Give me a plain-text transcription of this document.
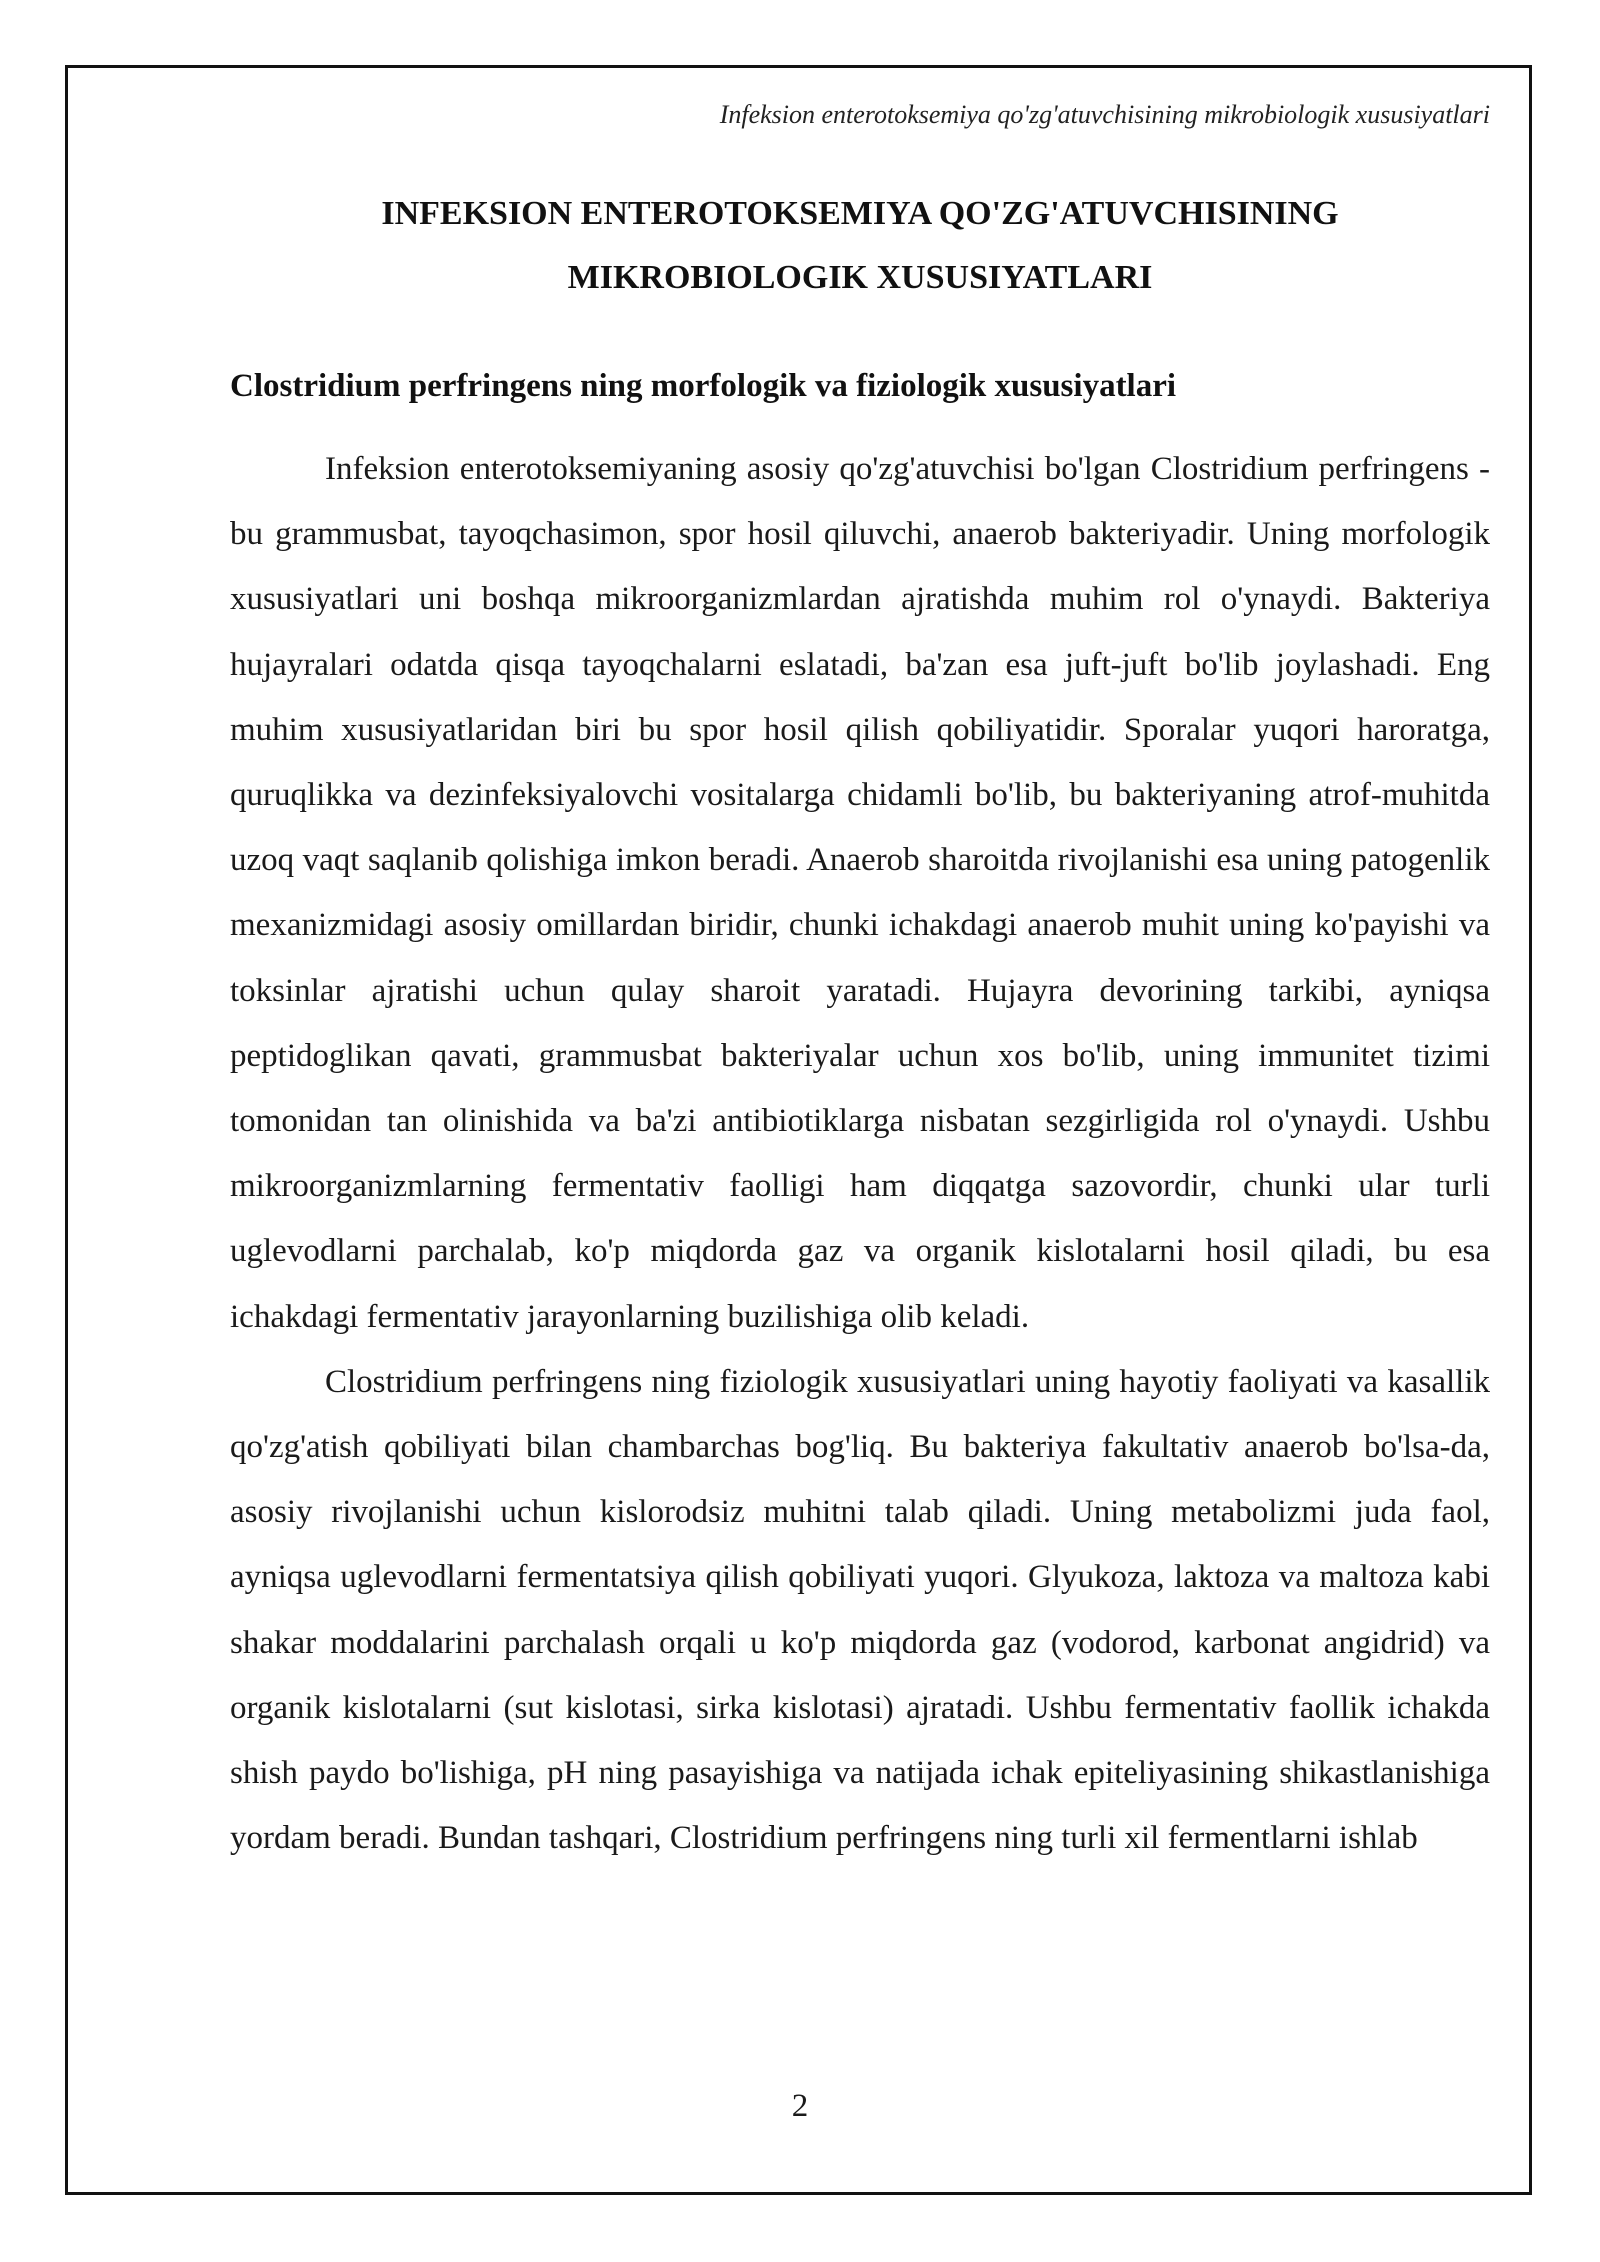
Infeksion enterotoksemiya qo'zg'atuvchisining mikrobiologik xususiyatlari
INFEKSION ENTEROTOKSEMIYA QO'ZG'ATUVCHISINING
MIKROBIOLOGIK XUSUSIYATLARI
Clostridium perfringens ning morfologik va fiziologik xususiyatlari

Infeksion enterotoksemiyaning asosiy qo'zg'atuvchisi bo'lgan Clostridium perfringens - bu grammusbat, tayoqchasimon, spor hosil qiluvchi, anaerob bakteriyadir. Uning morfologik xususiyatlari uni boshqa mikroorganizmlardan ajratishda muhim rol o'ynaydi. Bakteriya hujayralari odatda qisqa tayoqchalarni eslatadi, ba'zan esa juft-juft bo'lib joylashadi. Eng muhim xususiyatlaridan biri bu spor hosil qilish qobiliyatidir. Sporalar yuqori haroratga, quruqlikka va dezinfeksiyalovchi vositalarga chidamli bo'lib, bu bakteriyaning atrof-muhitda uzoq vaqt saqlanib qolishiga imkon beradi. Anaerob sharoitda rivojlanishi esa uning patogenlik mexanizmidagi asosiy omillardan biridir, chunki ichakdagi anaerob muhit uning ko'payishi va toksinlar ajratishi uchun qulay sharoit yaratadi. Hujayra devorining tarkibi, ayniqsa peptidoglikan qavati, grammusbat bakteriyalar uchun xos bo'lib, uning immunitet tizimi tomonidan tan olinishida va ba'zi antibiotiklarga nisbatan sezgirligida rol o'ynaydi. Ushbu mikroorganizmlarning fermentativ faolligi ham diqqatga sazovordir, chunki ular turli uglevodlarni parchalab, ko'p miqdorda gaz va organik kislotalarni hosil qiladi, bu esa ichakdagi fermentativ jarayonlarning buzilishiga olib keladi.

Clostridium perfringens ning fiziologik xususiyatlari uning hayotiy faoliyati va kasallik qo'zg'atish qobiliyati bilan chambarchas bog'liq. Bu bakteriya fakultativ anaerob bo'lsa-da, asosiy rivojlanishi uchun kislorodsiz muhitni talab qiladi. Uning metabolizmi juda faol, ayniqsa uglevodlarni fermentatsiya qilish qobiliyati yuqori. Glyukoza, laktoza va maltoza kabi shakar moddalarini parchalash orqali u ko'p miqdorda gaz (vodorod, karbonat angidrid) va organik kislotalarni (sut kislotasi, sirka kislotasi) ajratadi. Ushbu fermentativ faollik ichakda shish paydo bo'lishiga, pH ning pasayishiga va natijada ichak epiteliyasining shikastlanishiga yordam beradi. Bundan tashqari, Clostridium perfringens ning turli xil fermentlarni ishlab

2
